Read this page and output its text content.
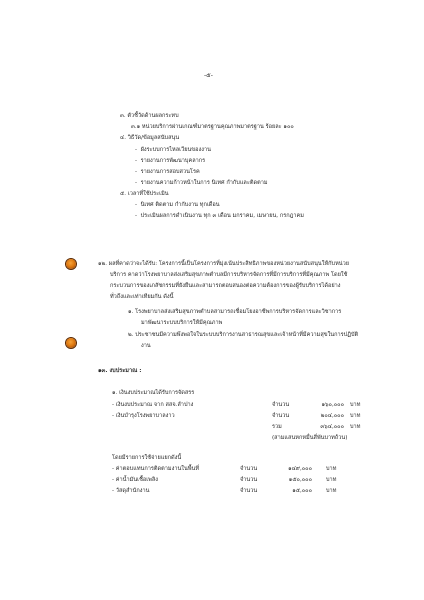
-๕-
๓. ตัวชี้วัดด้านผลกระทบ
๓.๑ หน่วยบริการผ่านเกณฑ์มาตรฐานคุณภาพมาตรฐาน ร้อยละ ๑๐๐
๔. วิธีวัด/ข้อมูลสนับสนุน
-  ผังระบบการไหลเวียนของงาน
-  รายงานการพัฒนาบุคลากร
-  รายงานการสอบสวนโรค
-  รายงานความก้าวหน้าในการ นิเทศ กำกับและติดตาม
๕. เวลาที่ใช้ประเมิน
-  นิเทศ ติดตาม กำกับงาน ทุกเดือน
-  ประเมินผลการดำเนินงาน ทุก ๓ เดือน มกราคม, เมษายน, กรกฎาคม
๑๒. ผลที่คาดว่าจะได้รับ: โครงการนี้เป็นโครงการที่มุ่งเน้นประสิทธิภาพของหน่วยงานสนับสนุนให้กับหน่วย
บริการ คาดว่าโรงพยาบาลส่งเสริมสุขภาพตำบลมีการบริหารจัดการที่มีการบริการที่มีคุณภาพ โดยใช้
กระบวนการของเภสัชกรรมที่ยังยืนและสามารถตอบสนองต่อความต้องการของผู้รับบริการได้อย่าง
ทั่วถึงและเท่าเทียมกัน ดังนี้
๑. โรงพยาบาลส่งเสริมสุขภาพตำบลสามารถเชื่อมโยงอาชีพการบริหารจัดการและวิชาการ
มาพัฒนาระบบบริการให้มีคุณภาพ
๒. ประชาชนมีความพึงพอใจในระบบบริการงานสาธารณสุขและเจ้าหน้าที่มีความสุขในการปฏิบัติ
งาน
๑๓. งบประมาณ :
๑. เงินงบประมาณได้รับการจัดสรร
- เงินงบประมาณ จาก สสจ.ลำปาง	จำนวน	๑๖๐,๐๐๐ บาท
- เงินบำรุงโรงพยาบาลงาว	จำนวน	๒๐๔,๐๐๐ บาท
รวม	๓๖๔,๐๐๐ บาท
(สามแสนหกหมื่นสี่พันบาทถ้วน)
โดยมีรายการใช้จ่ายแยกดังนี้
- ค่าตอบแทนการติดตามงานในพื้นที่	จำนวน	๑๔๙,๐๐๐	บาท
- ค่าน้ำมันเชื้อเพลิง	จำนวน	๑๕๐,๐๐๐	บาท
- วัสดุสำนักงาน	จำนวน	๑๕,๐๐๐	บาท
